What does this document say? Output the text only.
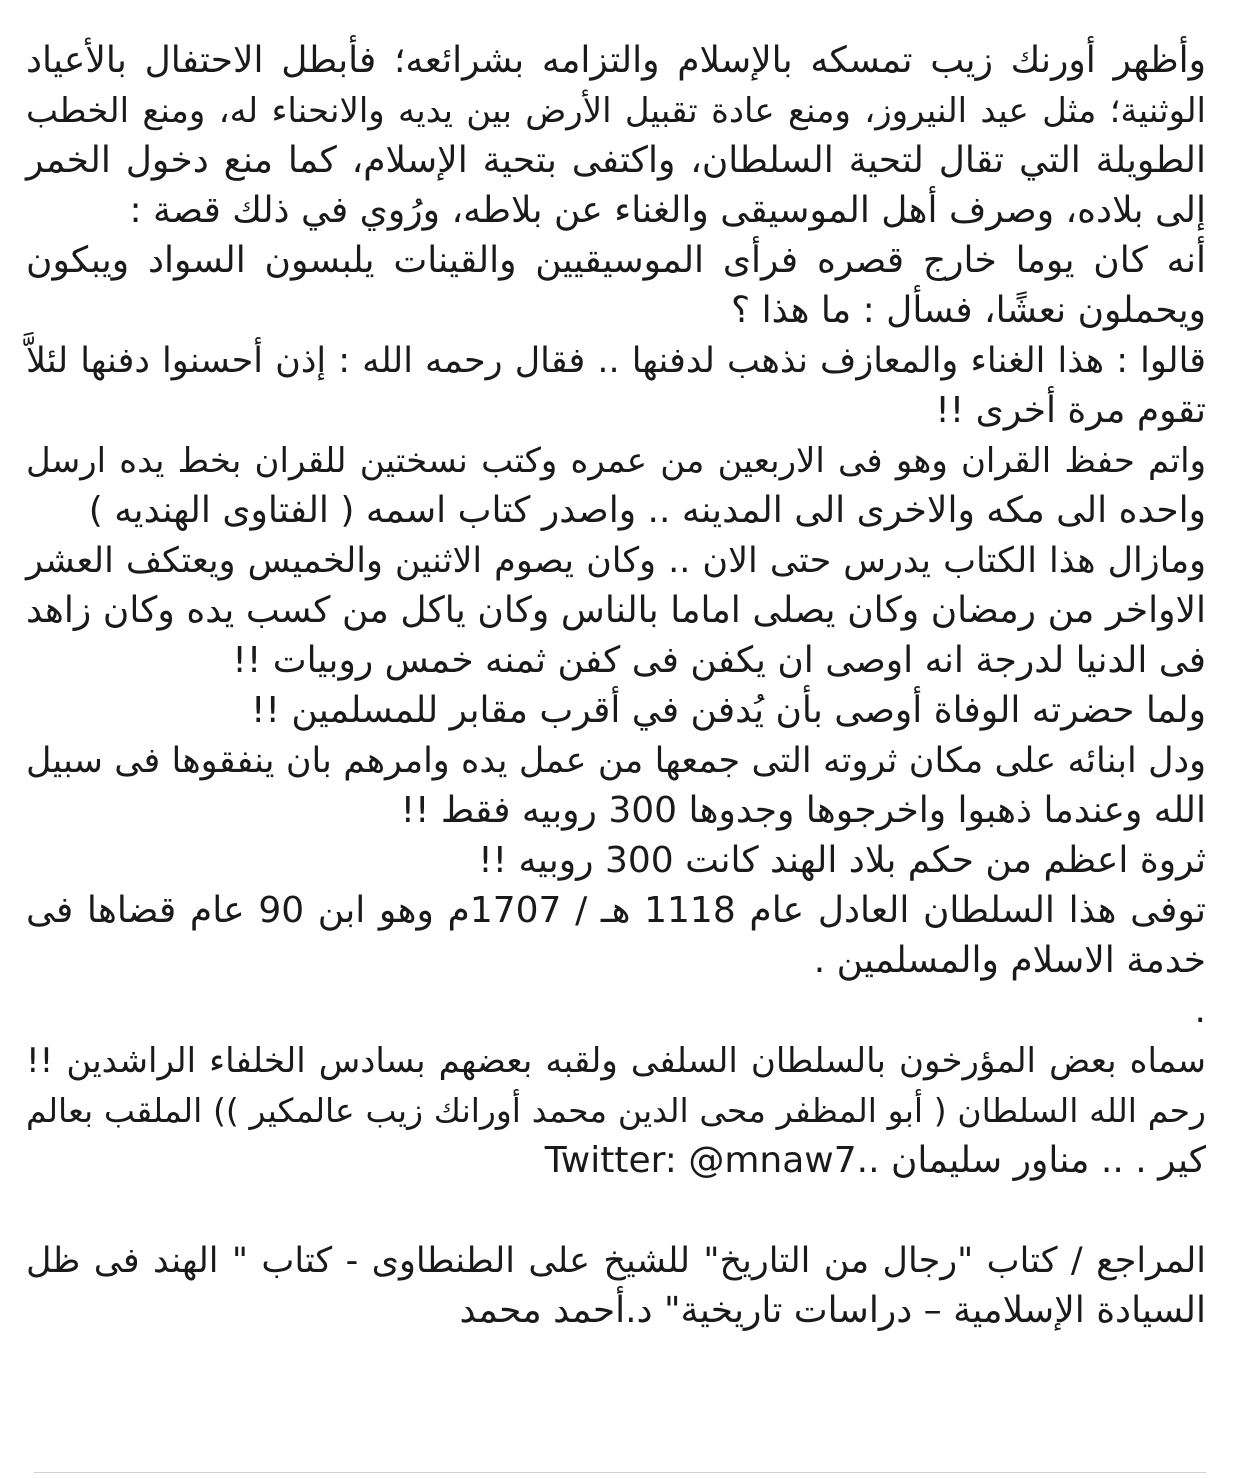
وأظهر أورنك زيب تمسكه بالإسلام والتزامه بشرائعه؛ فأبطل الاحتفال بالأعياد
الوثنية؛ مثل عيد النيروز، ومنع عادة تقبيل الأرض بين يديه والانحناء له، ومنع الخطب
الطويلة التي تقال لتحية السلطان، واكتفى بتحية الإسلام، كما منع دخول الخمر
إلى بلاده، وصرف أهل الموسيقى والغناء عن بلاطه، ورُوي في ذلك قصة :
أنه كان يوما خارج قصره فرأى الموسيقيين والقينات يلبسون السواد ويبكون
ويحملون نعشًا، فسأل : ما هذا ؟
قالوا : هذا الغناء والمعازف نذهب لدفنها .. فقال رحمه الله : إذن أحسنوا دفنها لئلاَّ
تقوم مرة أخرى !!
واتم حفظ القران وهو فى الاربعين من عمره وكتب نسختين للقران بخط يده ارسل
واحده الى مكه والاخرى الى المدينه .. واصدر كتاب اسمه ( الفتاوى الهنديه )
ومازال هذا الكتاب يدرس حتى الان .. وكان يصوم الاثنين والخميس ويعتكف العشر
الاواخر من رمضان وكان يصلى اماما بالناس وكان ياكل من كسب يده وكان زاهد
فى الدنيا لدرجة انه اوصى ان يكفن فى كفن ثمنه خمس روبيات !!
ولما حضرته الوفاة أوصى بأن يُدفن في أقرب مقابر للمسلمين !!
ودل ابنائه على مكان ثروته التى جمعها من عمل يده وامرهم بان ينفقوها فى سبيل
الله وعندما ذهبوا واخرجوها وجدوها 300 روبيه فقط !!
ثروة اعظم من حكم بلاد الهند كانت 300 روبيه !!
توفى هذا السلطان العادل عام 1118 هـ / 1707م وهو ابن 90 عام قضاها فى
خدمة الاسلام والمسلمين .
.
سماه بعض المؤرخون بالسلطان السلفى ولقبه بعضهم بسادس الخلفاء الراشدين !!
رحم الله السلطان ( أبو المظفر محى الدين محمد أورانك زيب عالمكير )) الملقب بعالم
كير . .. مناور سليمان ..Twitter: @mnaw7
المراجع / كتاب "رجال من التاريخ" للشيخ على الطنطاوى - كتاب " الهند فى ظل
السيادة الإسلامية – دراسات تاريخية" د.أحمد محمد
